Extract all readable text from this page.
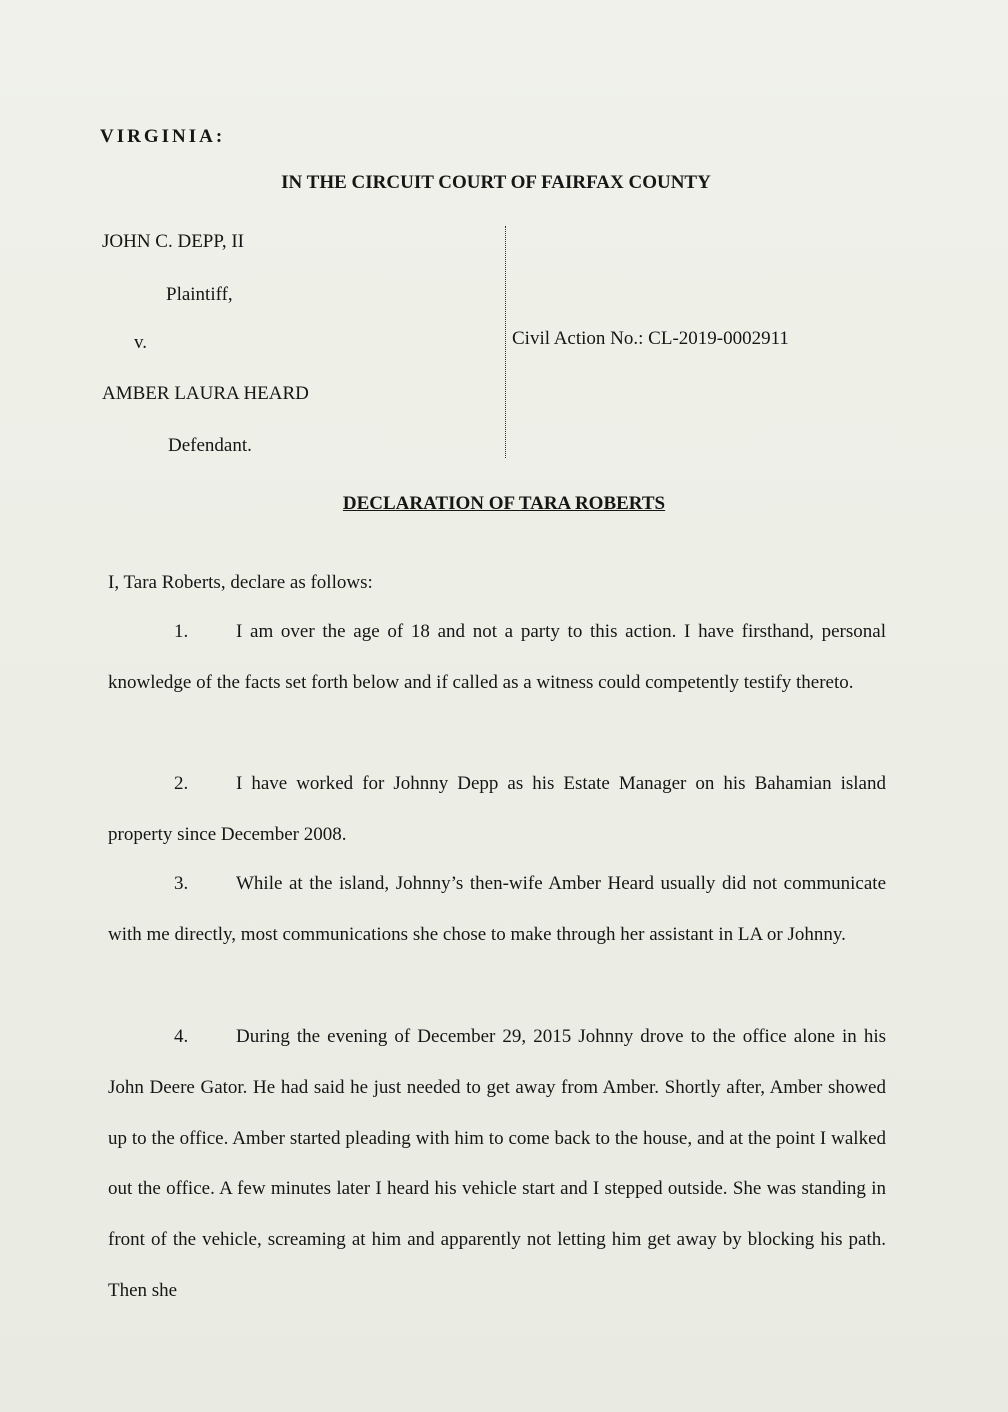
VIRGINIA:
IN THE CIRCUIT COURT OF FAIRFAX COUNTY
JOHN C. DEPP, II
Plaintiff,
v.	Civil Action No.: CL-2019-0002911
AMBER LAURA HEARD
Defendant.
DECLARATION OF TARA ROBERTS
I, Tara Roberts, declare as follows:
1.	I am over the age of 18 and not a party to this action. I have firsthand, personal knowledge of the facts set forth below and if called as a witness could competently testify thereto.
2.	I have worked for Johnny Depp as his Estate Manager on his Bahamian island property since December 2008.
3.	While at the island, Johnny’s then-wife Amber Heard usually did not communicate with me directly, most communications she chose to make through her assistant in LA or Johnny.
4.	During the evening of December 29, 2015 Johnny drove to the office alone in his John Deere Gator. He had said he just needed to get away from Amber. Shortly after, Amber showed up to the office. Amber started pleading with him to come back to the house, and at the point I walked out the office. A few minutes later I heard his vehicle start and I stepped outside. She was standing in front of the vehicle, screaming at him and apparently not letting him get away by blocking his path. Then she
